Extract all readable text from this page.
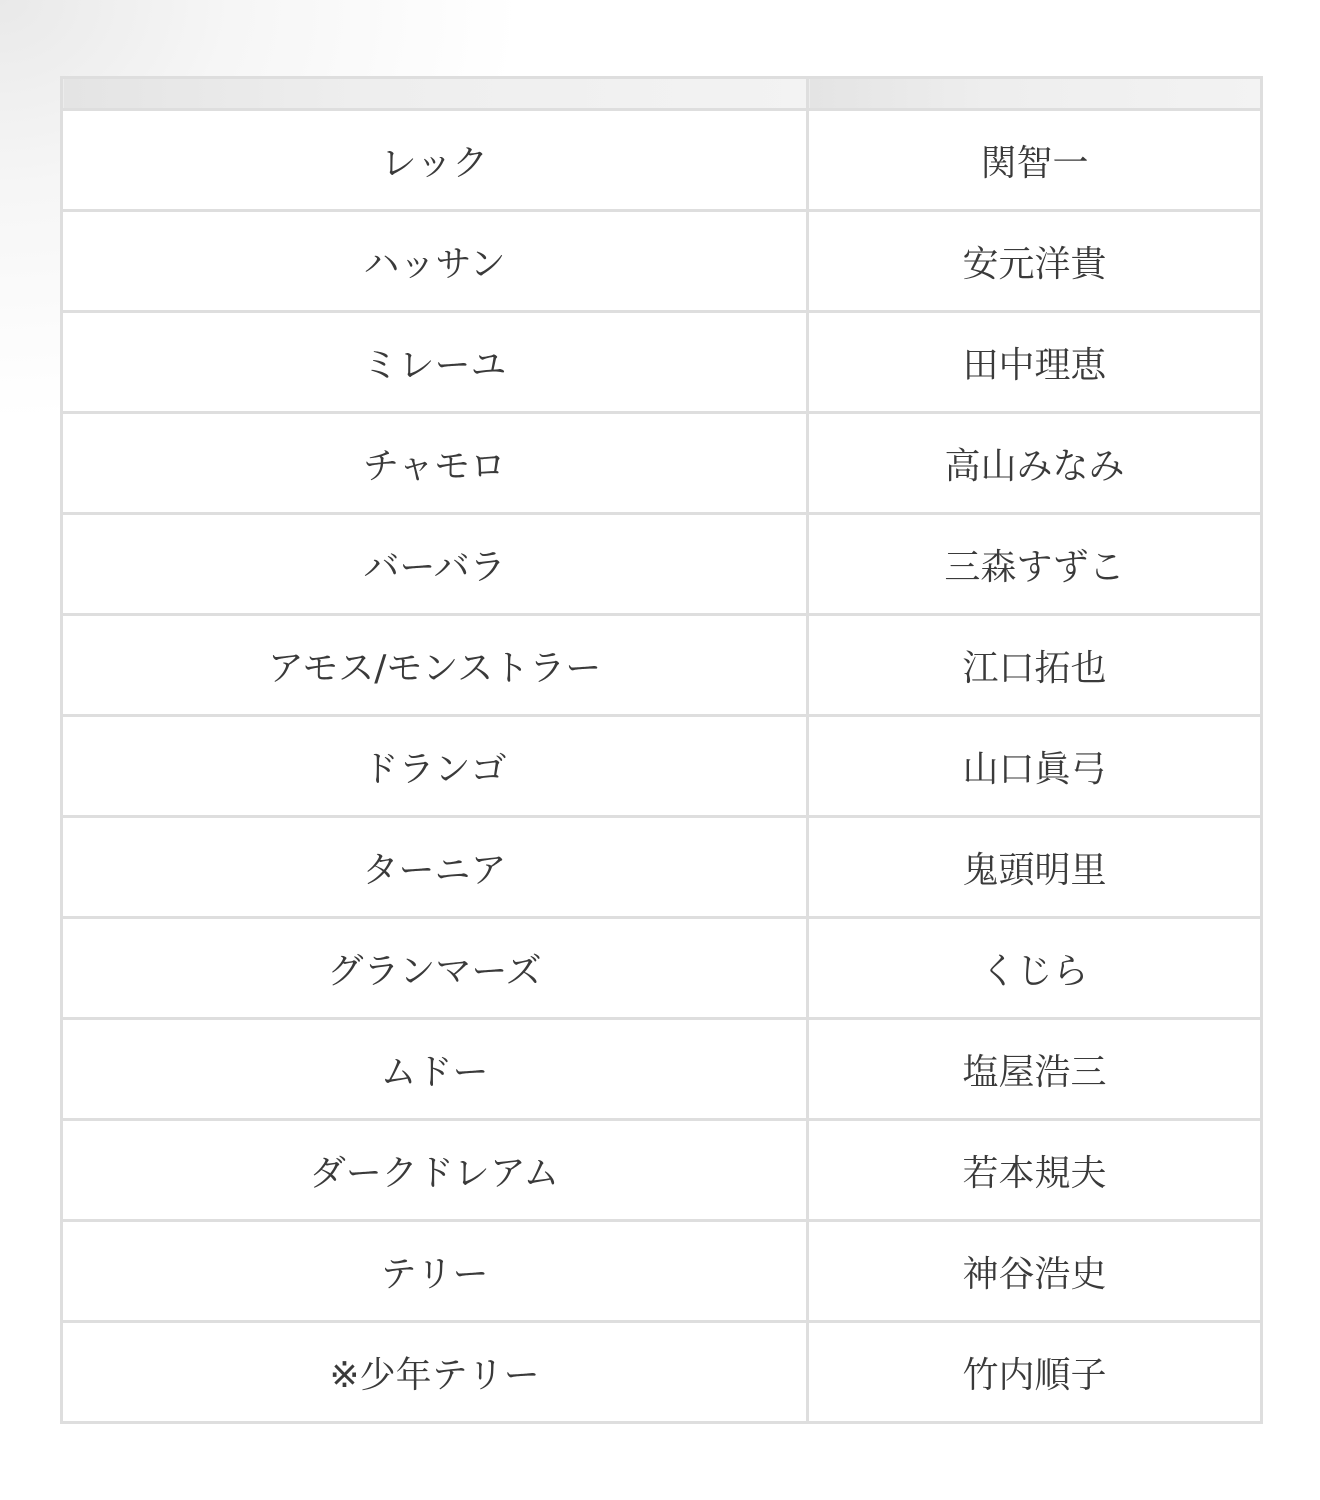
レック	関智一
ハッサン	安元洋貴
ミレーユ	田中理恵
チャモロ	高山みなみ
バーバラ	三森すずこ
アモス/モンストラー	江口拓也
ドランゴ	山口眞弓
ターニア	鬼頭明里
グランマーズ	くじら
ムドー	塩屋浩三
ダークドレアム	若本規夫
テリー	神谷浩史
※少年テリー	竹内順子
